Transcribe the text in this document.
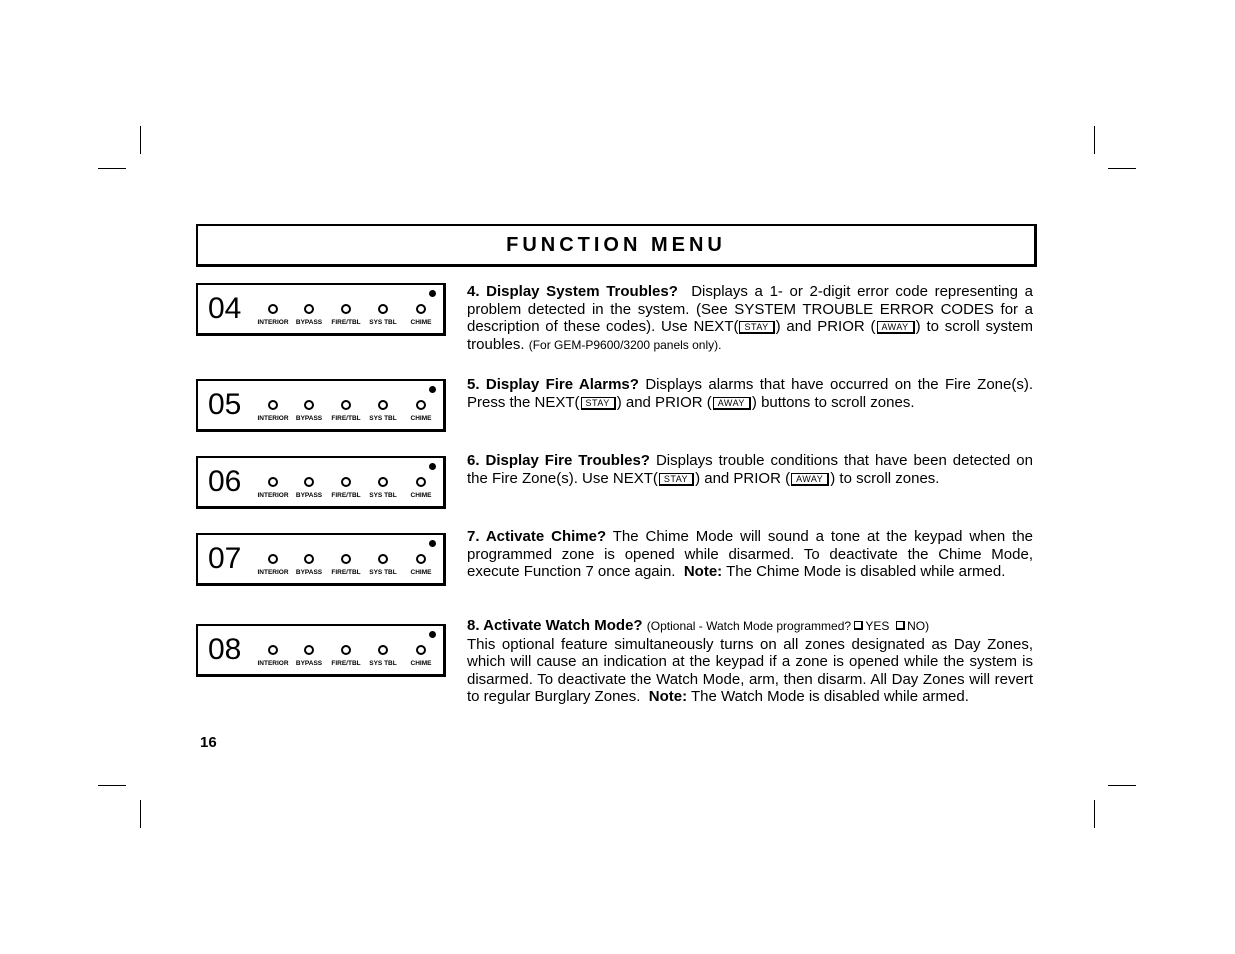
FUNCTION MENU
04 INTERIOR BYPASS FIRE/TBL SYS TBL CHIME
05 INTERIOR BYPASS FIRE/TBL SYS TBL CHIME
06 INTERIOR BYPASS FIRE/TBL SYS TBL CHIME
07 INTERIOR BYPASS FIRE/TBL SYS TBL CHIME
08 INTERIOR BYPASS FIRE/TBL SYS TBL CHIME
4. Display System Troubles? Displays a 1- or 2-digit error code representing a problem detected in the system. (See SYSTEM TROUBLE ERROR CODES for a description of these codes). Use NEXT( STAY ) and PRIOR ( AWAY ) to scroll system troubles. (For GEM-P9600/3200 panels only).
5. Display Fire Alarms? Displays alarms that have occurred on the Fire Zone(s). Press the NEXT( STAY ) and PRIOR ( AWAY ) buttons to scroll zones.
6. Display Fire Troubles? Displays trouble conditions that have been detected on the Fire Zone(s). Use NEXT( STAY ) and PRIOR ( AWAY ) to scroll zones.
7. Activate Chime? The Chime Mode will sound a tone at the keypad when the programmed zone is opened while disarmed. To deactivate the Chime Mode, execute Function 7 once again. Note: The Chime Mode is disabled while armed.
8. Activate Watch Mode? (Optional - Watch Mode programmed? YES NO)
This optional feature simultaneously turns on all zones designated as Day Zones, which will cause an indication at the keypad if a zone is opened while the system is disarmed. To deactivate the Watch Mode, arm, then disarm. All Day Zones will revert to regular Burglary Zones. Note: The Watch Mode is disabled while armed.
16
